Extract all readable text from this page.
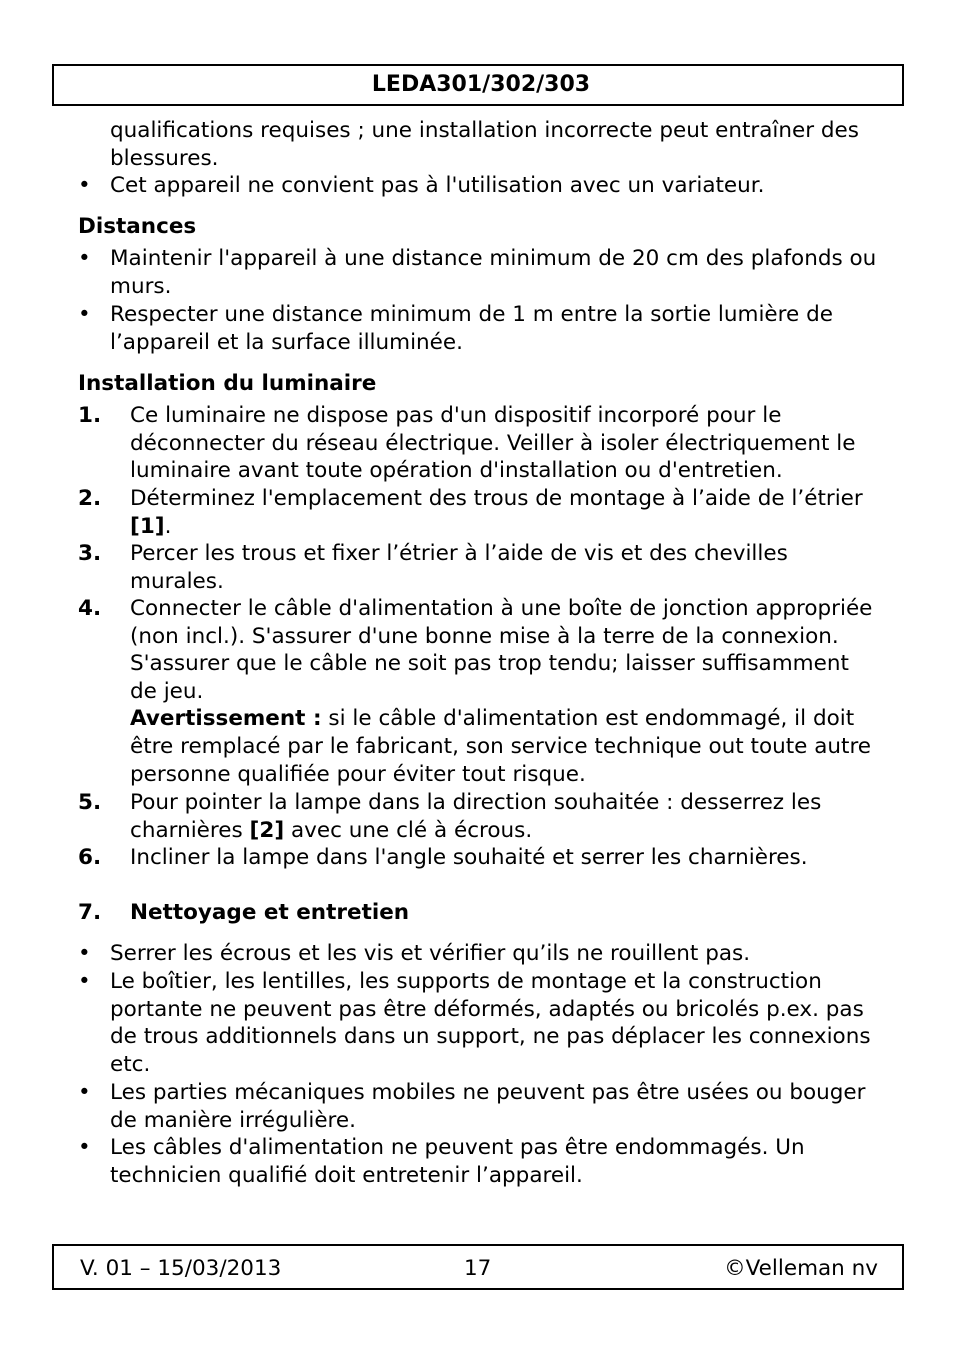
LEDA301/302/303
qualifications requises ; une installation incorrecte peut entraîner des blessures.
• Cet appareil ne convient pas à l'utilisation avec un variateur.
Distances
• Maintenir l'appareil à une distance minimum de 20 cm des plafonds ou murs.
• Respecter une distance minimum de 1 m entre la sortie lumière de l’appareil et la surface illuminée.
Installation du luminaire
1. Ce luminaire ne dispose pas d'un dispositif incorporé pour le déconnecter du réseau électrique. Veiller à isoler électriquement le luminaire avant toute opération d'installation ou d'entretien.
2. Déterminez l'emplacement des trous de montage à l’aide de l’étrier [1].
3. Percer les trous et fixer l’étrier à l’aide de vis et des chevilles murales.
4. Connecter le câble d'alimentation à une boîte de jonction appropriée (non incl.). S'assurer d'une bonne mise à la terre de la connexion. S'assurer que le câble ne soit pas trop tendu; laisser suffisamment de jeu.
Avertissement : si le câble d'alimentation est endommagé, il doit être remplacé par le fabricant, son service technique out toute autre personne qualifiée pour éviter tout risque.
5. Pour pointer la lampe dans la direction souhaitée : desserrez les charnières [2] avec une clé à écrous.
6. Incliner la lampe dans l'angle souhaité et serrer les charnières.
7. Nettoyage et entretien
• Serrer les écrous et les vis et vérifier qu’ils ne rouillent pas.
• Le boîtier, les lentilles, les supports de montage et la construction portante ne peuvent pas être déformés, adaptés ou bricolés p.ex. pas de trous additionnels dans un support, ne pas déplacer les connexions etc.
• Les parties mécaniques mobiles ne peuvent pas être usées ou bouger de manière irrégulière.
• Les câbles d'alimentation ne peuvent pas être endommagés. Un technicien qualifié doit entretenir l’appareil.
V. 01 – 15/03/2013	17	©Velleman nv
